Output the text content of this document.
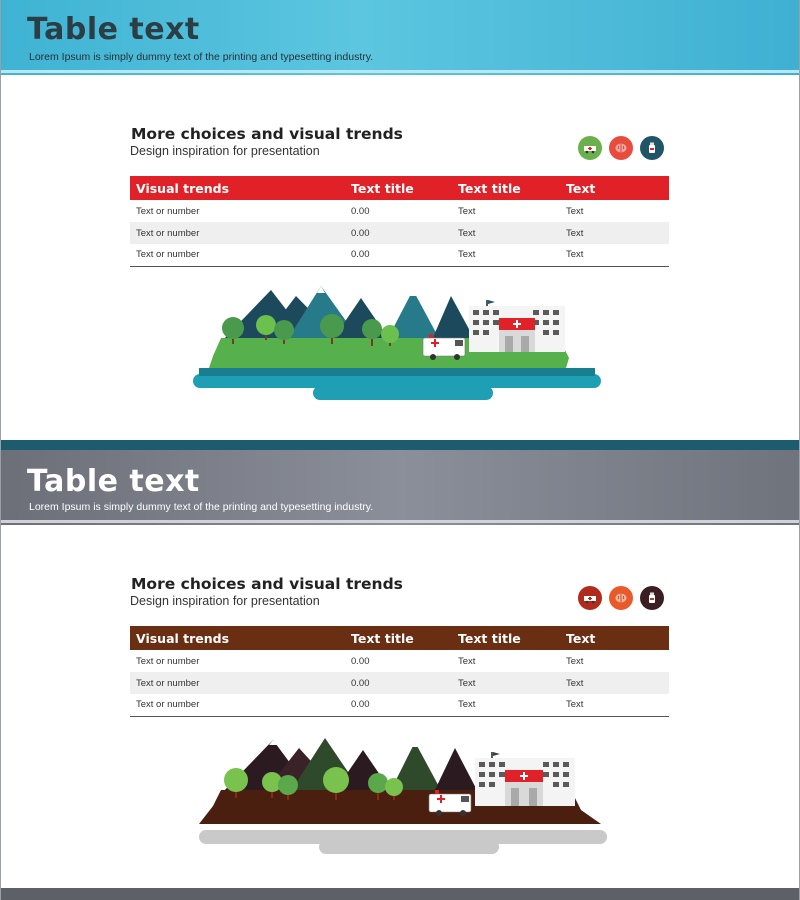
Table text
Lorem Ipsum is simply dummy text of the printing and typesetting industry.
More choices and visual trends
Design inspiration for presentation
Visual trends	Text title	Text title	Text
Text or number	0.00	Text	Text
Text or number	0.00	Text	Text
Text or number	0.00	Text	Text
Table text
Lorem Ipsum is simply dummy text of the printing and typesetting industry.
More choices and visual trends
Design inspiration for presentation
Visual trends	Text title	Text title	Text
Text or number	0.00	Text	Text
Text or number	0.00	Text	Text
Text or number	0.00	Text	Text
